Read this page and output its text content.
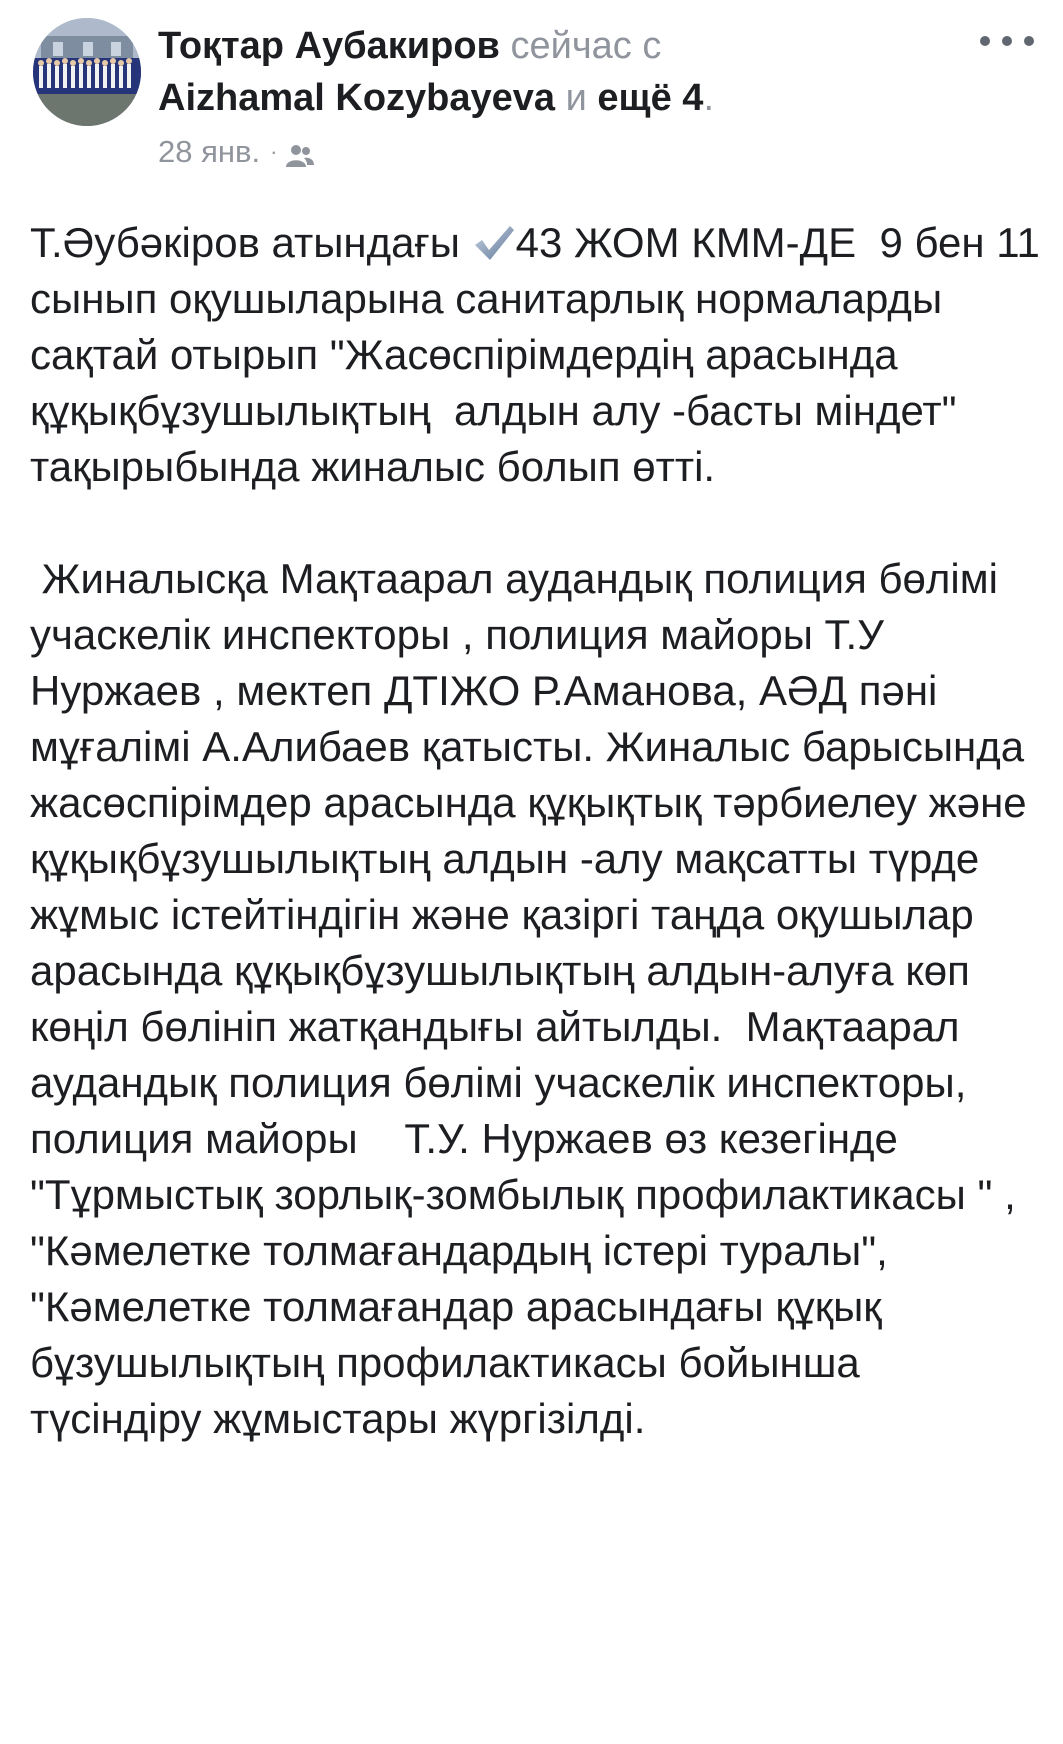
Тоқтар Аубакиров сейчас с
Aizhamal Kozybayeva и ещё 4.
28 янв. ·

Т.Әубәкіров атындағы 43 ЖОМ КММ-ДЕ  9 бен 11 сынып оқушыларына санитарлық нормаларды сақтай отырып "Жасөспірімдердің арасында құқықбұзушылықтың  алдын алу -басты міндет" тақырыбында жиналыс болып өтті.

Жиналысқа Мақтаарал аудандық полиция бөлімі учаскелік инспекторы , полиция майоры Т.У Нуржаев , мектеп ДТІЖО Р.Аманова, АӘД пәні мұғалімі А.Алибаев қатысты. Жиналыс барысында жасөспірімдер арасында құқықтық тәрбиелеу және құқықбұзушылықтың алдын -алу мақсатты түрде жұмыс істейтіндігін және қазіргі таңда оқушылар арасында құқықбұзушылықтың алдын-алуға көп көңіл бөлініп жатқандығы айтылды.  Мақтаарал аудандық полиция бөлімі учаскелік инспекторы, полиция майоры    Т.У. Нуржаев өз кезегінде "Тұрмыстық зорлық-зомбылық профилактикасы " ,  "Кәмелетке толмағандардың істері туралы",  "Кәмелетке толмағандар арасындағы құқық бұзушылықтың профилактикасы бойынша түсіндіру жұмыстары жүргізілді.
